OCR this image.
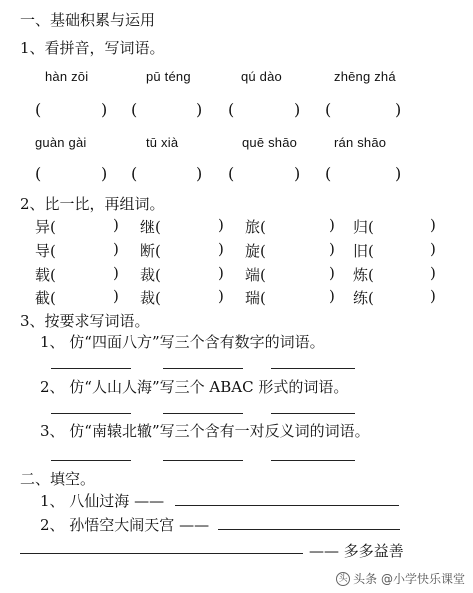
一、基础积累与运用
1、看拼音，写词语。
hàn zōi	pū téng	qú dào	zhēng zhá
(	) (	) (	) (	)
guàn gài	tū xià	quē shāo	rán shāo
(	) (	) (	) (	)
2、比一比，再组词。
异(	) 继(	) 旅(	) 归(	)
导(	) 断(	) 旋(	) 旧(	)
载(	) 裁(	) 端(	) 炼(	)
截(	) 裁(	) 瑞(	) 练(	)
3、按要求写词语。
1、 仿“四面八方”写三个含有数字的词语。
2、 仿“人山人海”写三个 ABAC 形式的词语。
3、 仿“南辕北辙”写三个含有一对反义词的词语。
二、填空。
1、 八仙过海 ——
2、 孙悟空大闹天宫 ——
—— 多多益善
头 头条 @小学快乐课堂
